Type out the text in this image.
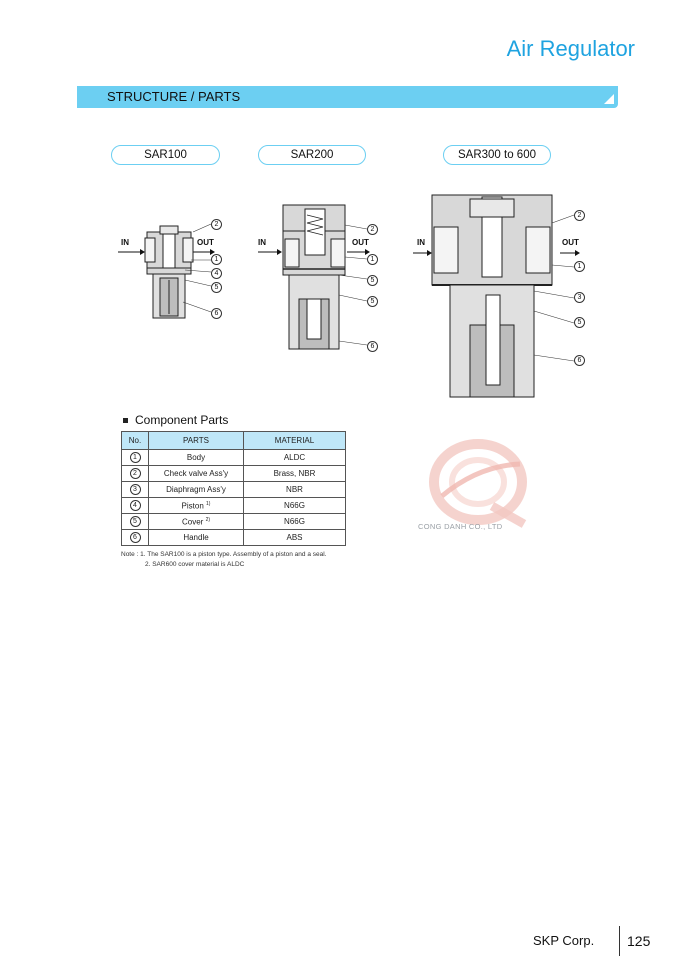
Air Regulator
STRUCTURE / PARTS
SAR100	SAR200	SAR300 to 600
IN	OUT
2
1
4
5
6
IN	OUT
2
1
5
5
6
IN	OUT
2
1
3
5
6
Component Parts
No.	PARTS	MATERIAL
1	Body	ALDC
2	Check valve Ass'y	Brass, NBR
3	Diaphragm Ass'y	NBR
4	Piston $^{1)}$	N66G
5	Cover $^{2)}$	N66G
6	Handle	ABS
Note : 1. The SAR100 is a piston type. Assembly of a piston and a seal.
2. SAR600 cover material is ALDC
CONG DANH CO., LTD
SKP Corp. 125
